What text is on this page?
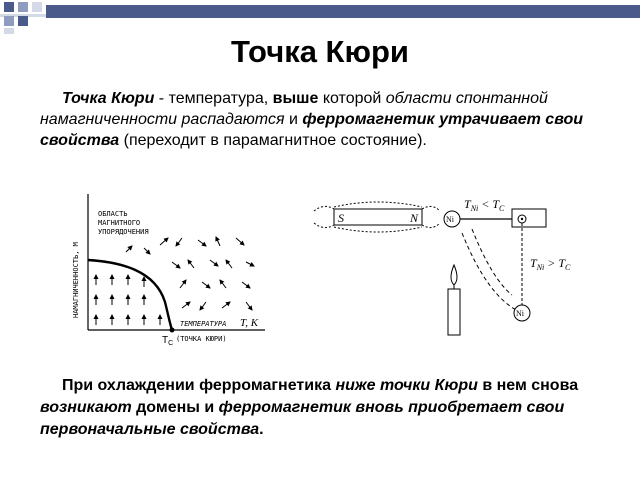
Точка Кюри

Точка Кюри - температура, выше которой области спонтанной намагниченности распадаются и ферромагнетик утрачивает свои свойства (переходит в парамагнитное состояние).

НАМАГНИЧЕННОСТЬ, М
ОБЛАСТЬ
МАГНИТНОГО
УПОРЯДОЧЕНИЯ
ТЕМПЕРАТУРА T, K
$T_C$
(ТОЧКА КЮРИ)
S	N	Ni
Ni
$T_{Ni} < T_C$
$T_{Ni} > T_C$

При охлаждении ферромагнетика ниже точки Кюри в нем снова возникают домены и ферромагнетик вновь приобретает свои первоначальные свойства.
